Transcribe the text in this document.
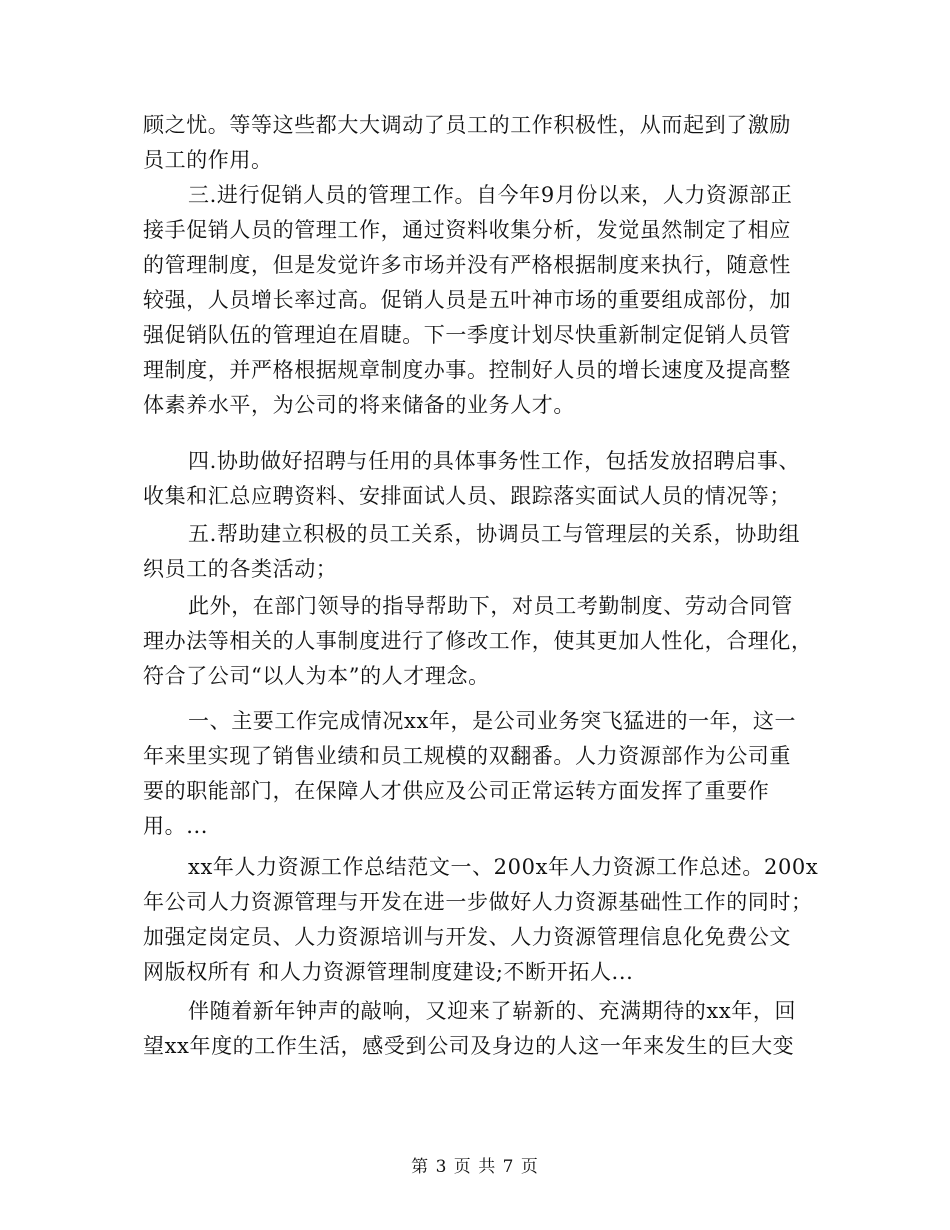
顾之忧。等等这些都大大调动了员工的工作积极性，从而起到了激励
员工的作用。
三.进行促销人员的管理工作。自今年9月份以来，人力资源部正
接手促销人员的管理工作，通过资料收集分析，发觉虽然制定了相应
的管理制度，但是发觉许多市场并没有严格根据制度来执行，随意性
较强，人员增长率过高。促销人员是五叶神市场的重要组成部份，加
强促销队伍的管理迫在眉睫。下一季度计划尽快重新制定促销人员管
理制度，并严格根据规章制度办事。控制好人员的增长速度及提高整
体素养水平，为公司的将来储备的业务人才。
四.协助做好招聘与任用的具体事务性工作，包括发放招聘启事、
收集和汇总应聘资料、安排面试人员、跟踪落实面试人员的情况等；
五.帮助建立积极的员工关系，协调员工与管理层的关系，协助组
织员工的各类活动；
此外，在部门领导的指导帮助下，对员工考勤制度、劳动合同管
理办法等相关的人事制度进行了修改工作，使其更加人性化，合理化，
符合了公司“以人为本”的人才理念。
一、主要工作完成情况xx年，是公司业务突飞猛进的一年，这一
年来里实现了销售业绩和员工规模的双翻番。人力资源部作为公司重
要的职能部门，在保障人才供应及公司正常运转方面发挥了重要作
用。...
xx年人力资源工作总结范文一、200x年人力资源工作总述。200x
年公司人力资源管理与开发在进一步做好人力资源基础性工作的同时；
加强定岗定员、人力资源培训与开发、人力资源管理信息化免费公文
网版权所有 和人力资源管理制度建设;不断开拓人...
伴随着新年钟声的敲响，又迎来了崭新的、充满期待的xx年，回
望xx年度的工作生活，感受到公司及身边的人这一年来发生的巨大变
第 3 页 共 7 页
